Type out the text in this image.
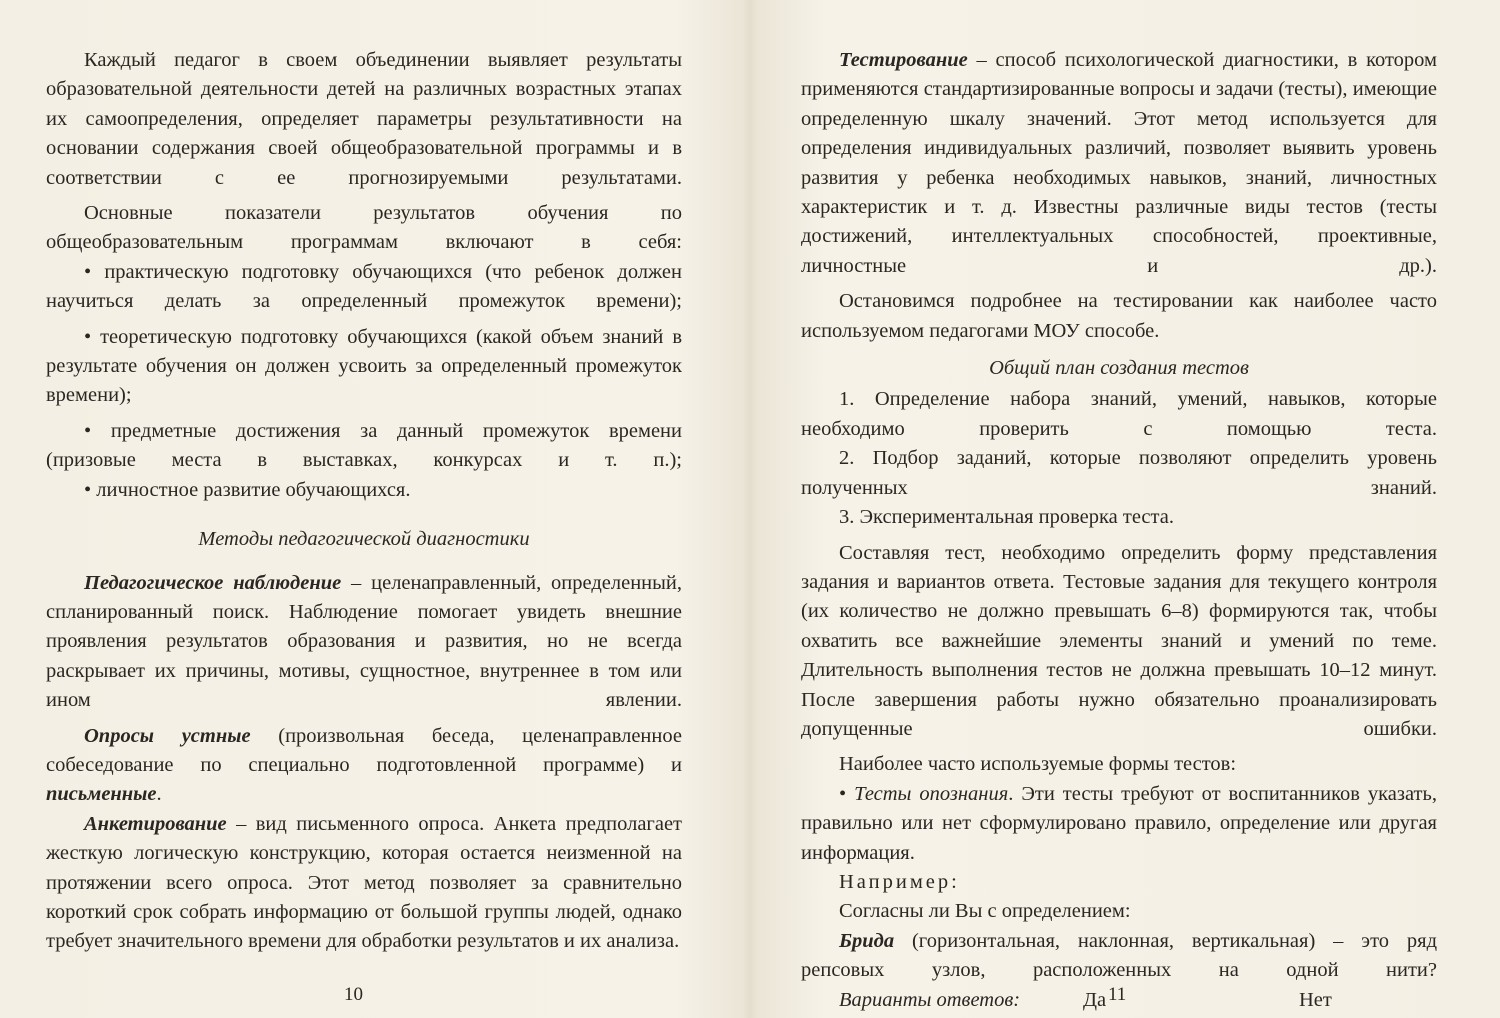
Каждый педагог в своем объединении выявляет результаты образовательной деятельности детей на различных возрастных этапах их самоопределения, определяет параметры результативности на основании содержания своей общеобразовательной программы и в соответствии с ее прогнозируемыми результатами.

Основные показатели результатов обучения по общеобразовательным программам включают в себя:

• практическую подготовку обучающихся (что ребенок должен научиться делать за определенный промежуток времени);

• теоретическую подготовку обучающихся (какой объем знаний в результате обучения он должен усвоить за определенный промежуток времени);

• предметные достижения за данный промежуток времени (призовые места в выставках, конкурсах и т. п.);

• личностное развитие обучающихся.

Методы педагогической диагностики

Педагогическое наблюдение – целенаправленный, определенный, спланированный поиск. Наблюдение помогает увидеть внешние проявления результатов образования и развития, но не всегда раскрывает их причины, мотивы, сущностное, внутреннее в том или ином явлении.

Опросы устные (произвольная беседа, целенаправленное собеседование по специально подготовленной программе) и письменные.

Анкетирование – вид письменного опроса. Анкета предполагает жесткую логическую конструкцию, которая остается неизменной на протяжении всего опроса. Этот метод позволяет за сравнительно короткий срок собрать информацию от большой группы людей, однако требует значительного времени для обработки результатов и их анализа.

Тестирование – способ психологической диагностики, в котором применяются стандартизированные вопросы и задачи (тесты), имеющие определенную шкалу значений. Этот метод используется для определения индивидуальных различий, позволяет выявить уровень развития у ребенка необходимых навыков, знаний, личностных характеристик и т. д. Известны различные виды тестов (тесты достижений, интеллектуальных способностей, проективные, личностные и др.).

Остановимся подробнее на тестировании как наиболее часто используемом педагогами МОУ способе.

Общий план создания тестов

1. Определение набора знаний, умений, навыков, которые необходимо проверить с помощью теста.

2. Подбор заданий, которые позволяют определить уровень полученных знаний.

3. Экспериментальная проверка теста.

Составляя тест, необходимо определить форму представления задания и вариантов ответа. Тестовые задания для текущего контроля (их количество не должно превышать 6–8) формируются так, чтобы охватить все важнейшие элементы знаний и умений по теме. Длительность выполнения тестов не должна превышать 10–12 минут. После завершения работы нужно обязательно проанализировать допущенные ошибки.

Наиболее часто используемые формы тестов:

• Тесты опознания. Эти тесты требуют от воспитанников указать, правильно или нет сформулировано правило, определение или другая информация.

Например:

Согласны ли Вы с определением:

Брида (горизонтальная, наклонная, вертикальная) – это ряд репсовых узлов, расположенных на одной нити?

Варианты ответов:	Да	Нет
10	11
